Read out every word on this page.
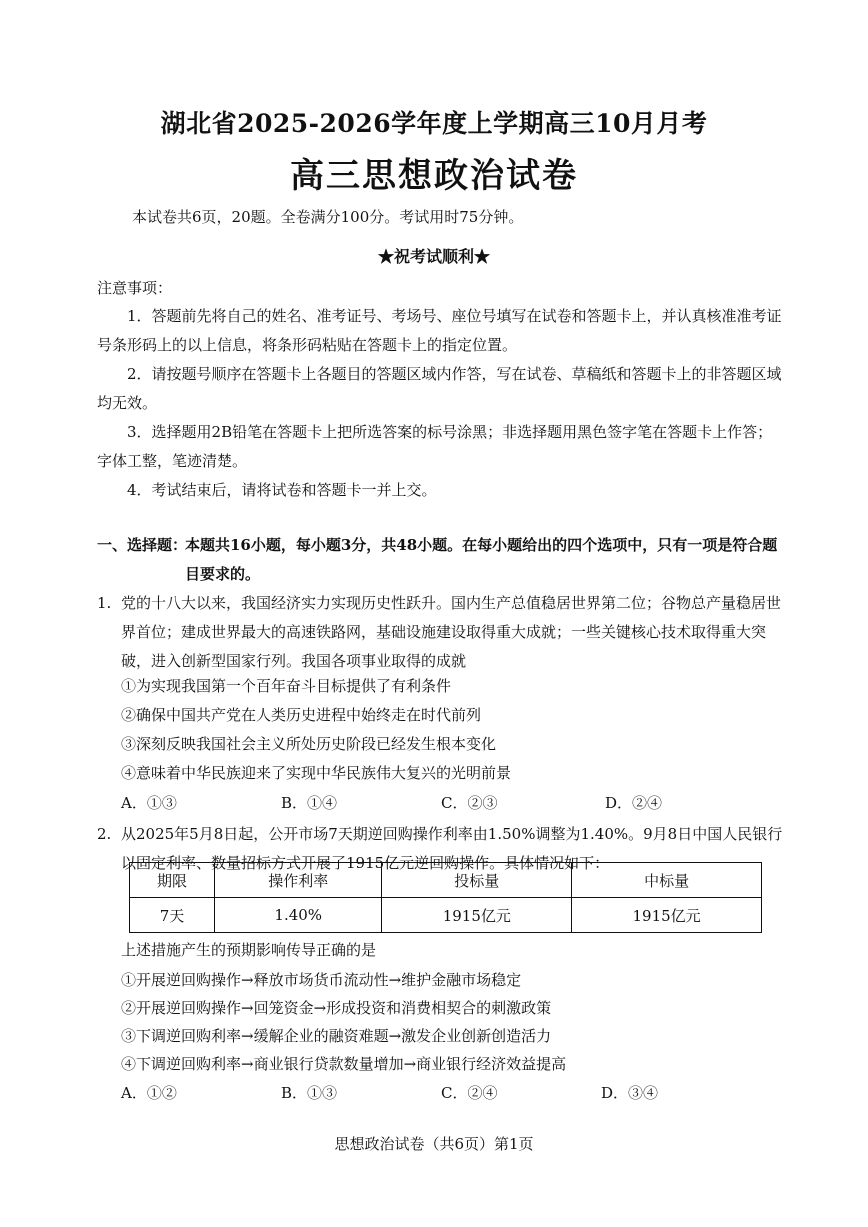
湖北省2025-2026学年度上学期高三10月月考
高三思想政治试卷
本试卷共6页，20题。全卷满分100分。考试用时75分钟。
★祝考试顺利★
注意事项：
1．答题前先将自己的姓名、准考证号、考场号、座位号填写在试卷和答题卡上，并认真核准准考证号条形码上的以上信息，将条形码粘贴在答题卡上的指定位置。
2．请按题号顺序在答题卡上各题目的答题区域内作答，写在试卷、草稿纸和答题卡上的非答题区域均无效。
3．选择题用2B铅笔在答题卡上把所选答案的标号涂黑；非选择题用黑色签字笔在答题卡上作答；字体工整，笔迹清楚。
4．考试结束后，请将试卷和答题卡一并上交。
一、选择题：
本题共16小题，每小题3分，共48小题。在每小题给出的四个选项中，只有一项是符合题目要求的。
1. 党的十八大以来，我国经济实力实现历史性跃升。国内生产总值稳居世界第二位；谷物总产量稳居世界首位；建成世界最大的高速铁路网，基础设施建设取得重大成就；一些关键核心技术取得重大突破，进入创新型国家行列。我国各项事业取得的成就
①为实现我国第一个百年奋斗目标提供了有利条件
②确保中国共产党在人类历史进程中始终走在时代前列
③深刻反映我国社会主义所处历史阶段已经发生根本变化
④意味着中华民族迎来了实现中华民族伟大复兴的光明前景
A．①③	B．①④	C．②③	D．②④
2. 从2025年5月8日起，公开市场7天期逆回购操作利率由1.50%调整为1.40%。9月8日中国人民银行以固定利率、数量招标方式开展了1915亿元逆回购操作。具体情况如下：
期限	操作利率	投标量	中标量
7天	1.40%	1915亿元	1915亿元
上述措施产生的预期影响传导正确的是
①开展逆回购操作→释放市场货币流动性→维护金融市场稳定
②开展逆回购操作→回笼资金→形成投资和消费相契合的刺激政策
③下调逆回购利率→缓解企业的融资难题→激发企业创新创造活力
④下调逆回购利率→商业银行贷款数量增加→商业银行经济效益提高
A．①②	B．①③	C．②④	D．③④
思想政治试卷（共6页）第1页
